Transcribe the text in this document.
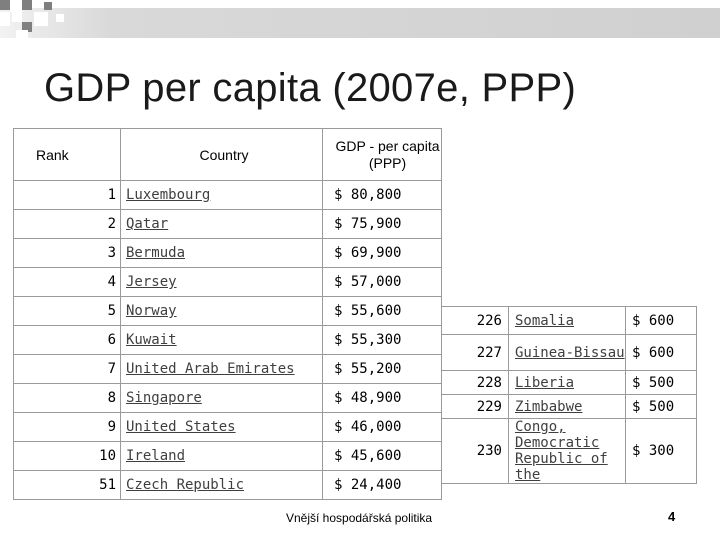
GDP per capita (2007e, PPP)
Rank	Country	GDP - per capita (PPP)
1	Luxembourg	$ 80,800
2	Qatar	$ 75,900
3	Bermuda	$ 69,900
4	Jersey	$ 57,000
5	Norway	$ 55,600
6	Kuwait	$ 55,300
7	United Arab Emirates	$ 55,200
8	Singapore	$ 48,900
9	United States	$ 46,000
10	Ireland	$ 45,600
51	Czech Republic	$ 24,400
226	Somalia	$ 600
227	Guinea-Bissau	$ 600
228	Liberia	$ 500
229	Zimbabwe	$ 500
230	Congo, Democratic Republic of the	$ 300
Vnější hospodářská politika	4
